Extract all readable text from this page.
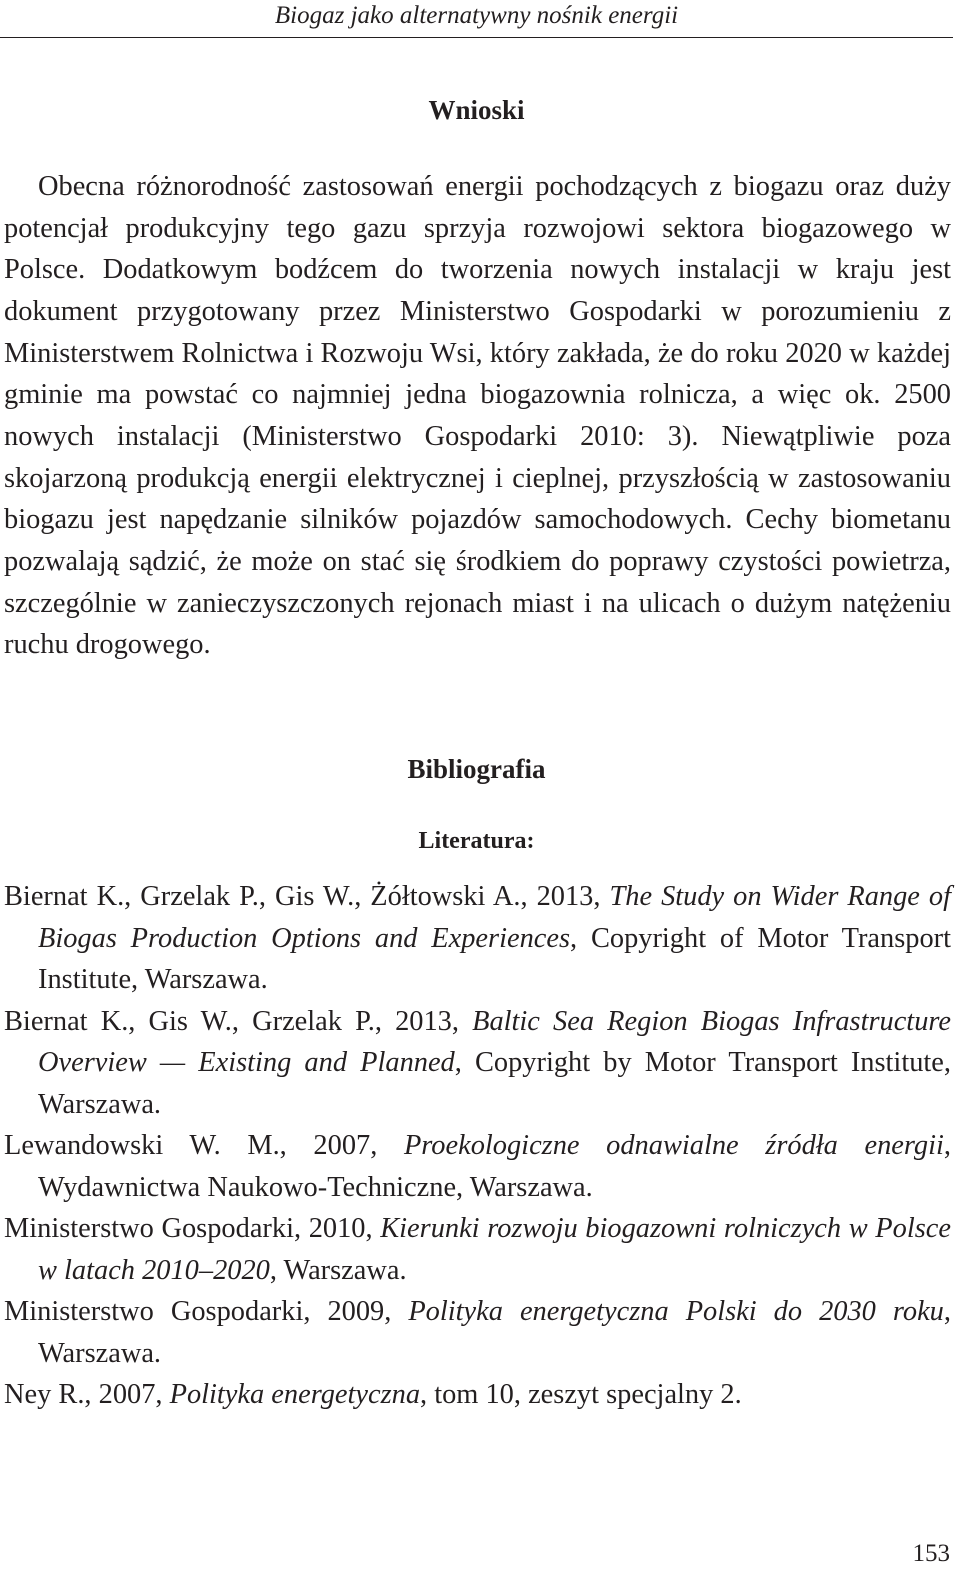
Biogaz jako alternatywny nośnik energii
Wnioski

Obecna różnorodność zastosowań energii pochodzących z biogazu oraz duży potencjał produkcyjny tego gazu sprzyja rozwojowi sektora biogazowego w Polsce. Dodatkowym bodźcem do tworzenia nowych instalacji w kraju jest dokument przygotowany przez Ministerstwo Gospodarki w porozumieniu z Ministerstwem Rolnictwa i Rozwoju Wsi, który zakłada, że do roku 2020 w każdej gminie ma powstać co najmniej jedna biogazownia rolnicza, a więc ok. 2500 nowych instalacji (Ministerstwo Gospodarki 2010: 3). Niewątpliwie poza skojarzoną produkcją energii elektrycznej i cieplnej, przyszłością w zastosowaniu biogazu jest napędzanie silników pojazdów samochodowych. Cechy biometanu pozwalają sądzić, że może on stać się środkiem do poprawy czystości powietrza, szczególnie w zanieczyszczonych rejonach miast i na ulicach o dużym natężeniu ruchu drogowego.

Bibliografia
Literatura:
Biernat K., Grzelak P., Gis W., Żółtowski A., 2013, The Study on Wider Range of Biogas Production Options and Experiences, Copyright of Motor Transport Institute, Warszawa.
Biernat K., Gis W., Grzelak P., 2013, Baltic Sea Region Biogas Infrastructure Overview — Existing and Planned, Copyright by Motor Transport Institute, Warszawa.
Lewandowski W. M., 2007, Proekologiczne odnawialne źródła energii, Wydawnictwa Naukowo-Techniczne, Warszawa.
Ministerstwo Gospodarki, 2010, Kierunki rozwoju biogazowni rolniczych w Polsce w latach 2010–2020, Warszawa.
Ministerstwo Gospodarki, 2009, Polityka energetyczna Polski do 2030 roku, Warszawa.
Ney R., 2007, Polityka energetyczna, tom 10, zeszyt specjalny 2.
153
